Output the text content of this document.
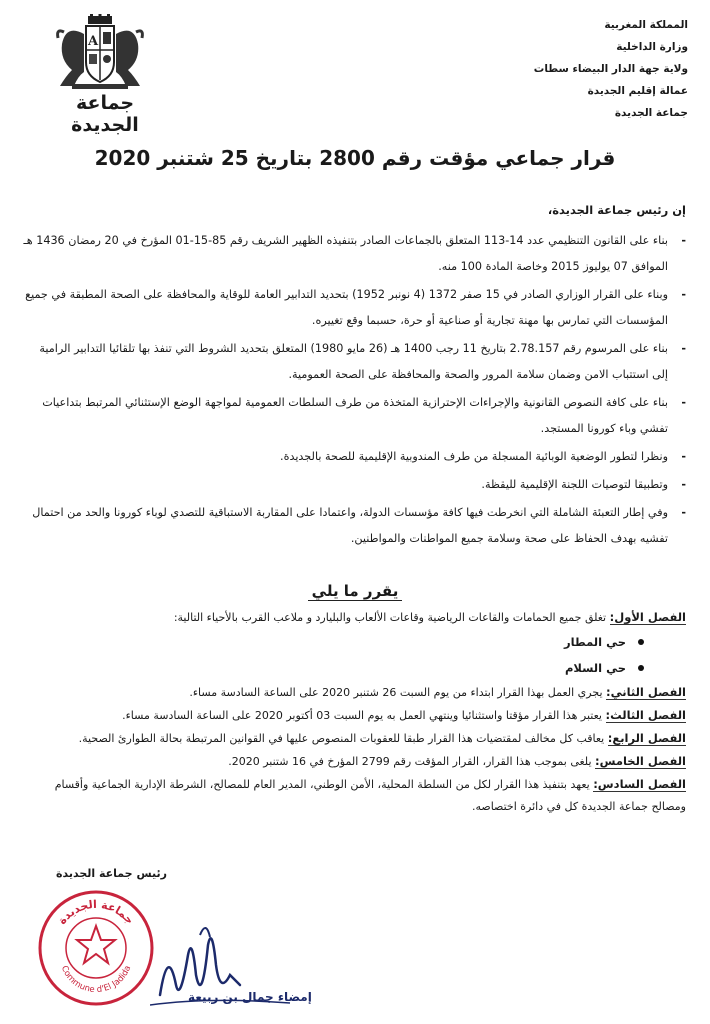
المملكة المغربية
وزارة الداخلية
ولاية جهة الدار البيضاء سطات
عمالة إقليم الجديدة
جماعة الجديدة
A
جماعة الجديدة
قرار جماعي مؤقت رقم 2800 بتاريخ 25 شتنبر 2020
إن رئيس جماعة الجديدة،
-
بناء على القانون التنظيمي عدد 14-113 المتعلق بالجماعات الصادر بتنفيذه الظهير الشريف رقم 85-15-01 المؤرخ في 20 رمضان 1436 هـ الموافق 07 يوليوز 2015 وخاصة المادة 100 منه.
-
وبناء على القرار الوزاري الصادر في 15 صفر 1372 (4 نونبر 1952) بتحديد التدابير العامة للوقاية والمحافظة على الصحة المطبقة في جميع المؤسسات التي تمارس بها مهنة تجارية أو صناعية أو حرة، حسبما وقع تغييره.
-
بناء على المرسوم رقم 2.78.157 بتاريخ 11 رجب 1400 هـ (26 مايو 1980) المتعلق بتحديد الشروط التي تنفذ بها تلقائيا التدابير الرامية إلى استتباب الامن وضمان سلامة المرور والصحة والمحافظة على الصحة العمومية.
-
بناء على كافة النصوص القانونية والإجراءات الإحترازية المتخذة من طرف السلطات العمومية لمواجهة الوضع الإستثنائي المرتبط بتداعيات تفشي وباء كورونا المستجد.
-
ونظرا لتطور الوضعية الوبائية المسجلة من طرف المندوبية الإقليمية للصحة بالجديدة.
-
وتطبيقا لتوصيات اللجنة الإقليمية لليقظة.
-
وفي إطار التعبئة الشاملة التي انخرطت فيها كافة مؤسسات الدولة، واعتمادا على المقاربة الاستباقية للتصدي لوباء كورونا والحد من احتمال تفشيه بهدف الحفاظ على صحة وسلامة جميع المواطنات والمواطنين.
يقرر ما يلي
الفصل الأول: تغلق جميع الحمامات والقاعات الرياضية وقاعات الألعاب والبليارد و ملاعب القرب بالأحياء التالية:
حي المطار
حي السلام
الفصل الثاني: يجري العمل بهذا القرار ابتداء من يوم السبت 26 شتنبر 2020 على الساعة السادسة مساء.
الفصل الثالث: يعتبر هذا القرار مؤقتا واستثنائيا وينتهي العمل به يوم السبت 03 أكتوبر 2020 على الساعة السادسة مساء.
الفصل الرابع: يعاقب كل مخالف لمقتضيات هذا القرار طبقا للعقوبات المنصوص عليها في القوانين المرتبطة بحالة الطوارئ الصحية.
الفصل الخامس: يلغى بموجب هذا القرار، القرار المؤقت رقم 2799 المؤرخ في 16 شتنبر 2020.
الفصل السادس: يعهد بتنفيذ هذا القرار لكل من السلطة المحلية، الأمن الوطني، المدير العام للمصالح، الشرطة الإدارية الجماعية وأقسام ومصالح جماعة الجديدة كل في دائرة اختصاصه.
رئيس جماعة الجديدة
جماعة الجديدة
Commune d'El Jadida
إمضاء جمال بن ربيعة
